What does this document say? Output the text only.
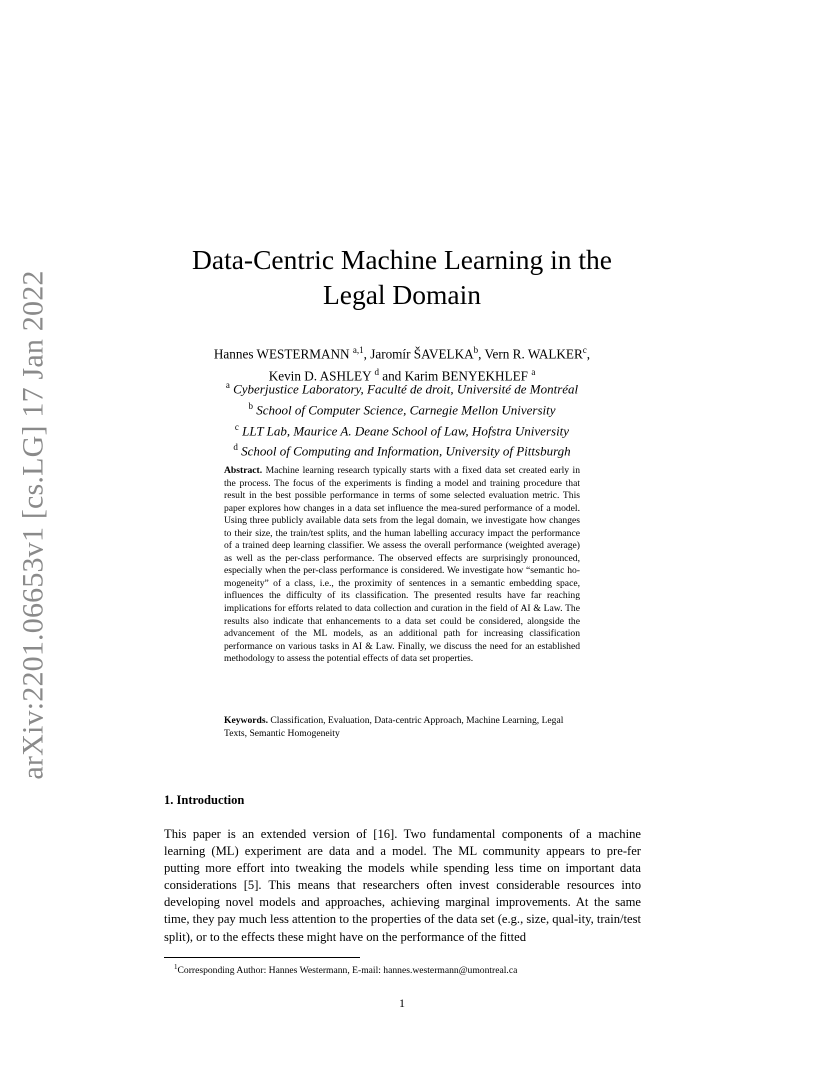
arXiv:2201.06653v1 [cs.LG] 17 Jan 2022
Data-Centric Machine Learning in the
Legal Domain
Hannes WESTERMANN $^{a,1}$, Jaromír ŠAVELKA$^b$, Vern R. WALKER$^c$,
Kevin D. ASHLEY $^d$ and Karim BENYEKHLEF $^a$
$^a$ Cyberjustice Laboratory, Faculté de droit, Université de Montréal
$^b$ School of Computer Science, Carnegie Mellon University
$^c$ LLT Lab, Maurice A. Deane School of Law, Hofstra University
$^d$ School of Computing and Information, University of Pittsburgh

Abstract. Machine learning research typically starts with a fixed data set created early in the process. The focus of the experiments is finding a model and training procedure that result in the best possible performance in terms of some selected evaluation metric. This paper explores how changes in a data set influence the mea-sured performance of a model. Using three publicly available data sets from the legal domain, we investigate how changes to their size, the train/test splits, and the human labelling accuracy impact the performance of a trained deep learning classifier. We assess the overall performance (weighted average) as well as the per-class performance. The observed effects are surprisingly pronounced, especially when the per-class performance is considered. We investigate how “semantic ho-mogeneity” of a class, i.e., the proximity of sentences in a semantic embedding space, influences the difficulty of its classification. The presented results have far reaching implications for efforts related to data collection and curation in the field of AI & Law. The results also indicate that enhancements to a data set could be considered, alongside the advancement of the ML models, as an additional path for increasing classification performance on various tasks in AI & Law. Finally, we discuss the need for an established methodology to assess the potential effects of data set properties.

Keywords. Classification, Evaluation, Data-centric Approach, Machine Learning, Legal Texts, Semantic Homogeneity

1. Introduction

This paper is an extended version of [16]. Two fundamental components of a machine learning (ML) experiment are data and a model. The ML community appears to pre-fer putting more effort into tweaking the models while spending less time on important data considerations [5]. This means that researchers often invest considerable resources into developing novel models and approaches, achieving marginal improvements. At the same time, they pay much less attention to the properties of the data set (e.g., size, qual-ity, train/test split), or to the effects these might have on the performance of the fitted

$^1$Corresponding Author: Hannes Westermann, E-mail: hannes.westermann@umontreal.ca

1
